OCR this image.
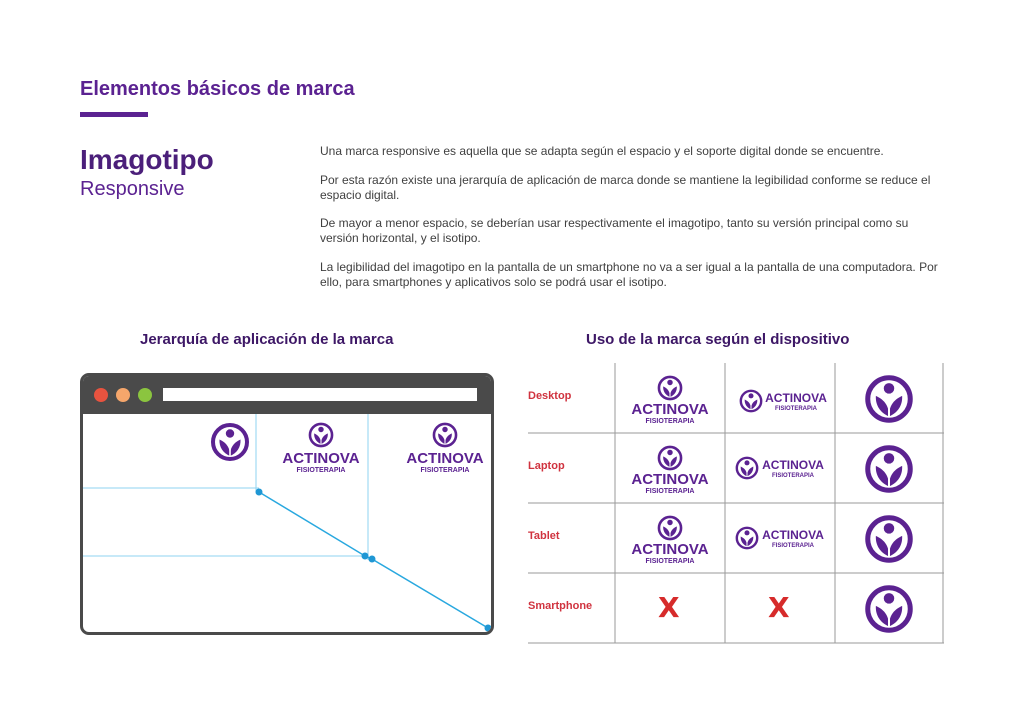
Elementos básicos de marca
Imagotipo
Responsive

Una marca responsive es aquella que se adapta según el espacio y el soporte digital donde se encuentre.

Por esta razón existe una jerarquía de aplicación de marca donde se mantiene la legibilidad conforme se reduce el espacio digital.

De mayor a menor espacio, se deberían usar respectivamente el imagotipo, tanto su versión principal como su versión horizontal, y el isotipo.

La legibilidad del imagotipo en la pantalla de un smartphone no va a ser igual a la pantalla de una computadora. Por ello, para smartphones y aplicativos solo se podrá usar el isotipo.

Jerarquía de aplicación de la marca	Uso de la marca según el dispositivo
ACTINOVA
FISIOTERAPIA
ACTINOVA
FISIOTERAPIA
ACTINOVA
FISIOTERAPIA
ACTINOVA
FISIOTERAPIA
ACTINOVA
FISIOTERAPIA
ACTINOVA
FISIOTERAPIA
ACTINOVA
FISIOTERAPIA
ACTINOVA
FISIOTERAPIA
Desktop
Laptop
Tablet
Smartphone X	X
